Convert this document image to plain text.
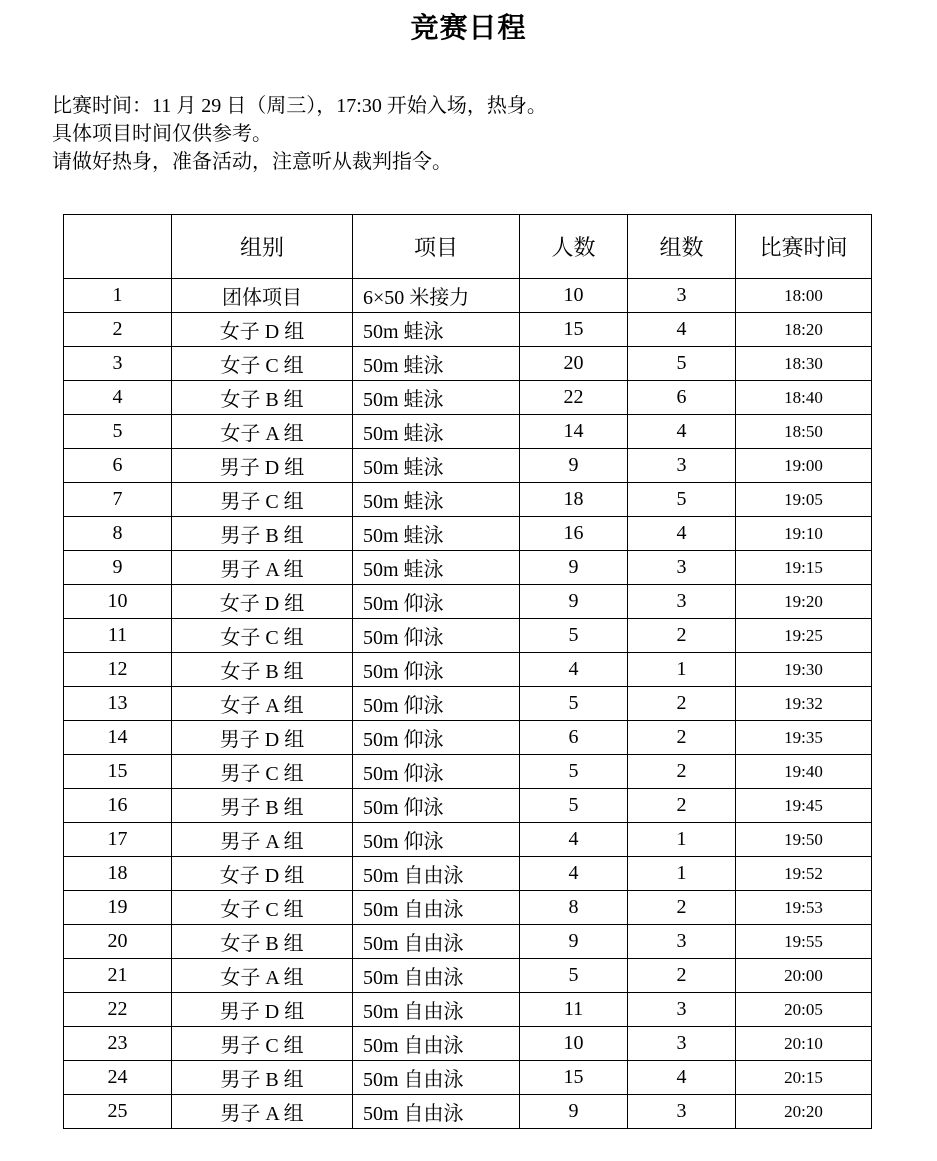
竞赛日程
比赛时间：11 月 29 日（周三），17:30 开始入场，热身。
具体项目时间仅供参考。
请做好热身，准备活动，注意听从裁判指令。
	组别	项目	人数	组数	比赛时间
1	团体项目	6×50 米接力	10	3	18:00
2	女子 D 组	50m 蛙泳	15	4	18:20
3	女子 C 组	50m 蛙泳	20	5	18:30
4	女子 B 组	50m 蛙泳	22	6	18:40
5	女子 A 组	50m 蛙泳	14	4	18:50
6	男子 D 组	50m 蛙泳	9	3	19:00
7	男子 C 组	50m 蛙泳	18	5	19:05
8	男子 B 组	50m 蛙泳	16	4	19:10
9	男子 A 组	50m 蛙泳	9	3	19:15
10	女子 D 组	50m 仰泳	9	3	19:20
11	女子 C 组	50m 仰泳	5	2	19:25
12	女子 B 组	50m 仰泳	4	1	19:30
13	女子 A 组	50m 仰泳	5	2	19:32
14	男子 D 组	50m 仰泳	6	2	19:35
15	男子 C 组	50m 仰泳	5	2	19:40
16	男子 B 组	50m 仰泳	5	2	19:45
17	男子 A 组	50m 仰泳	4	1	19:50
18	女子 D 组	50m 自由泳	4	1	19:52
19	女子 C 组	50m 自由泳	8	2	19:53
20	女子 B 组	50m 自由泳	9	3	19:55
21	女子 A 组	50m 自由泳	5	2	20:00
22	男子 D 组	50m 自由泳	11	3	20:05
23	男子 C 组	50m 自由泳	10	3	20:10
24	男子 B 组	50m 自由泳	15	4	20:15
25	男子 A 组	50m 自由泳	9	3	20:20
